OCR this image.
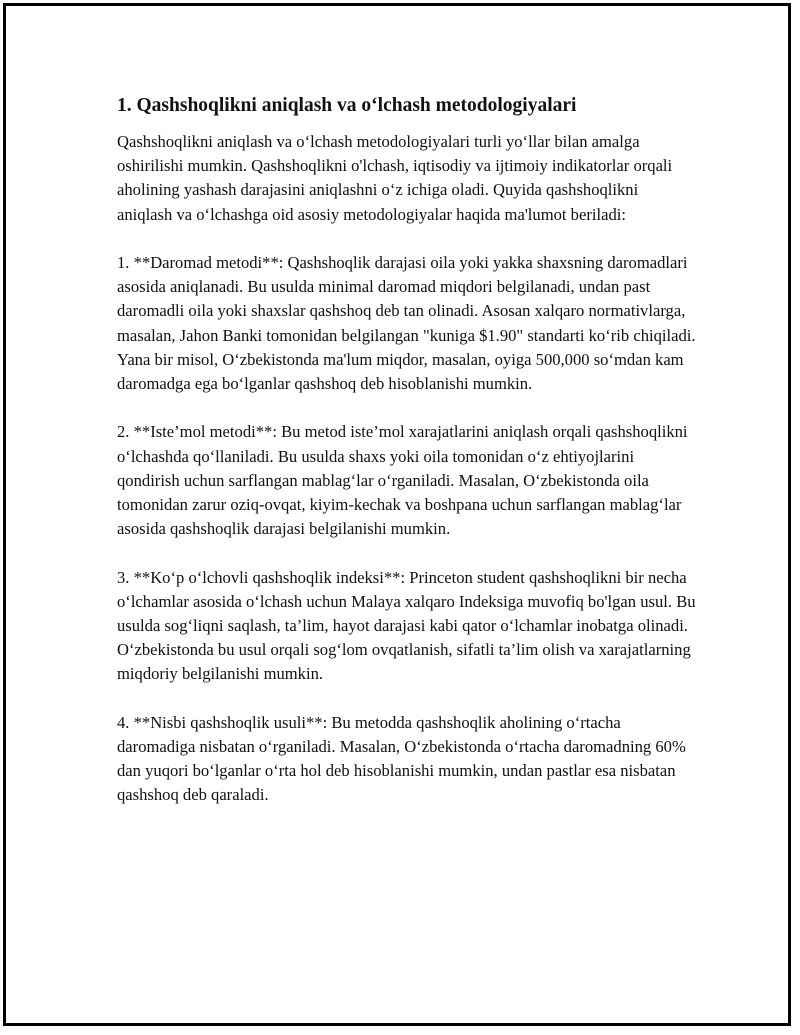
1. Qashshoqlikni aniqlash va o‘lchash metodologiyalari

Qashshoqlikni aniqlash va o‘lchash metodologiyalari turli yo‘llar bilan amalga oshirilishi mumkin. Qashshoqlikni o'lchash, iqtisodiy va ijtimoiy indikatorlar orqali aholining yashash darajasini aniqlashni o‘z ichiga oladi. Quyida qashshoqlikni aniqlash va o‘lchashga oid asosiy metodologiyalar haqida ma'lumot beriladi:

1. **Daromad metodi**: Qashshoqlik darajasi oila yoki yakka shaxsning daromadlari asosida aniqlanadi. Bu usulda minimal daromad miqdori belgilanadi, undan past daromadli oila yoki shaxslar qashshoq deb tan olinadi. Asosan xalqaro normativlarga, masalan, Jahon Banki tomonidan belgilangan "kuniga $1.90" standarti ko‘rib chiqiladi. Yana bir misol, O‘zbekistonda ma'lum miqdor, masalan, oyiga 500,000 so‘mdan kam daromadga ega bo‘lganlar qashshoq deb hisoblanishi mumkin.

2. **Iste’mol metodi**: Bu metod iste’mol xarajatlarini aniqlash orqali qashshoqlikni o‘lchashda qo‘llaniladi. Bu usulda shaxs yoki oila tomonidan o‘z ehtiyojlarini qondirish uchun sarflangan mablag‘lar o‘rganiladi. Masalan, O‘zbekistonda oila tomonidan zarur oziq-ovqat, kiyim-kechak va boshpana uchun sarflangan mablag‘lar asosida qashshoqlik darajasi belgilanishi mumkin.

3. **Ko‘p o‘lchovli qashshoqlik indeksi**: Princeton student qashshoqlikni bir necha o‘lchamlar asosida o‘lchash uchun Malaya xalqaro Indeksiga muvofiq bo'lgan usul. Bu usulda sog‘liqni saqlash, ta’lim, hayot darajasi kabi qator o‘lchamlar inobatga olinadi. O‘zbekistonda bu usul orqali sog‘lom ovqatlanish, sifatli ta’lim olish va xarajatlarning miqdoriy belgilanishi mumkin.

4. **Nisbi qashshoqlik usuli**: Bu metodda qashshoqlik aholining o‘rtacha daromadiga nisbatan o‘rganiladi. Masalan, O‘zbekistonda o‘rtacha daromadning 60% dan yuqori bo‘lganlar o‘rta hol deb hisoblanishi mumkin, undan pastlar esa nisbatan qashshoq deb qaraladi.
